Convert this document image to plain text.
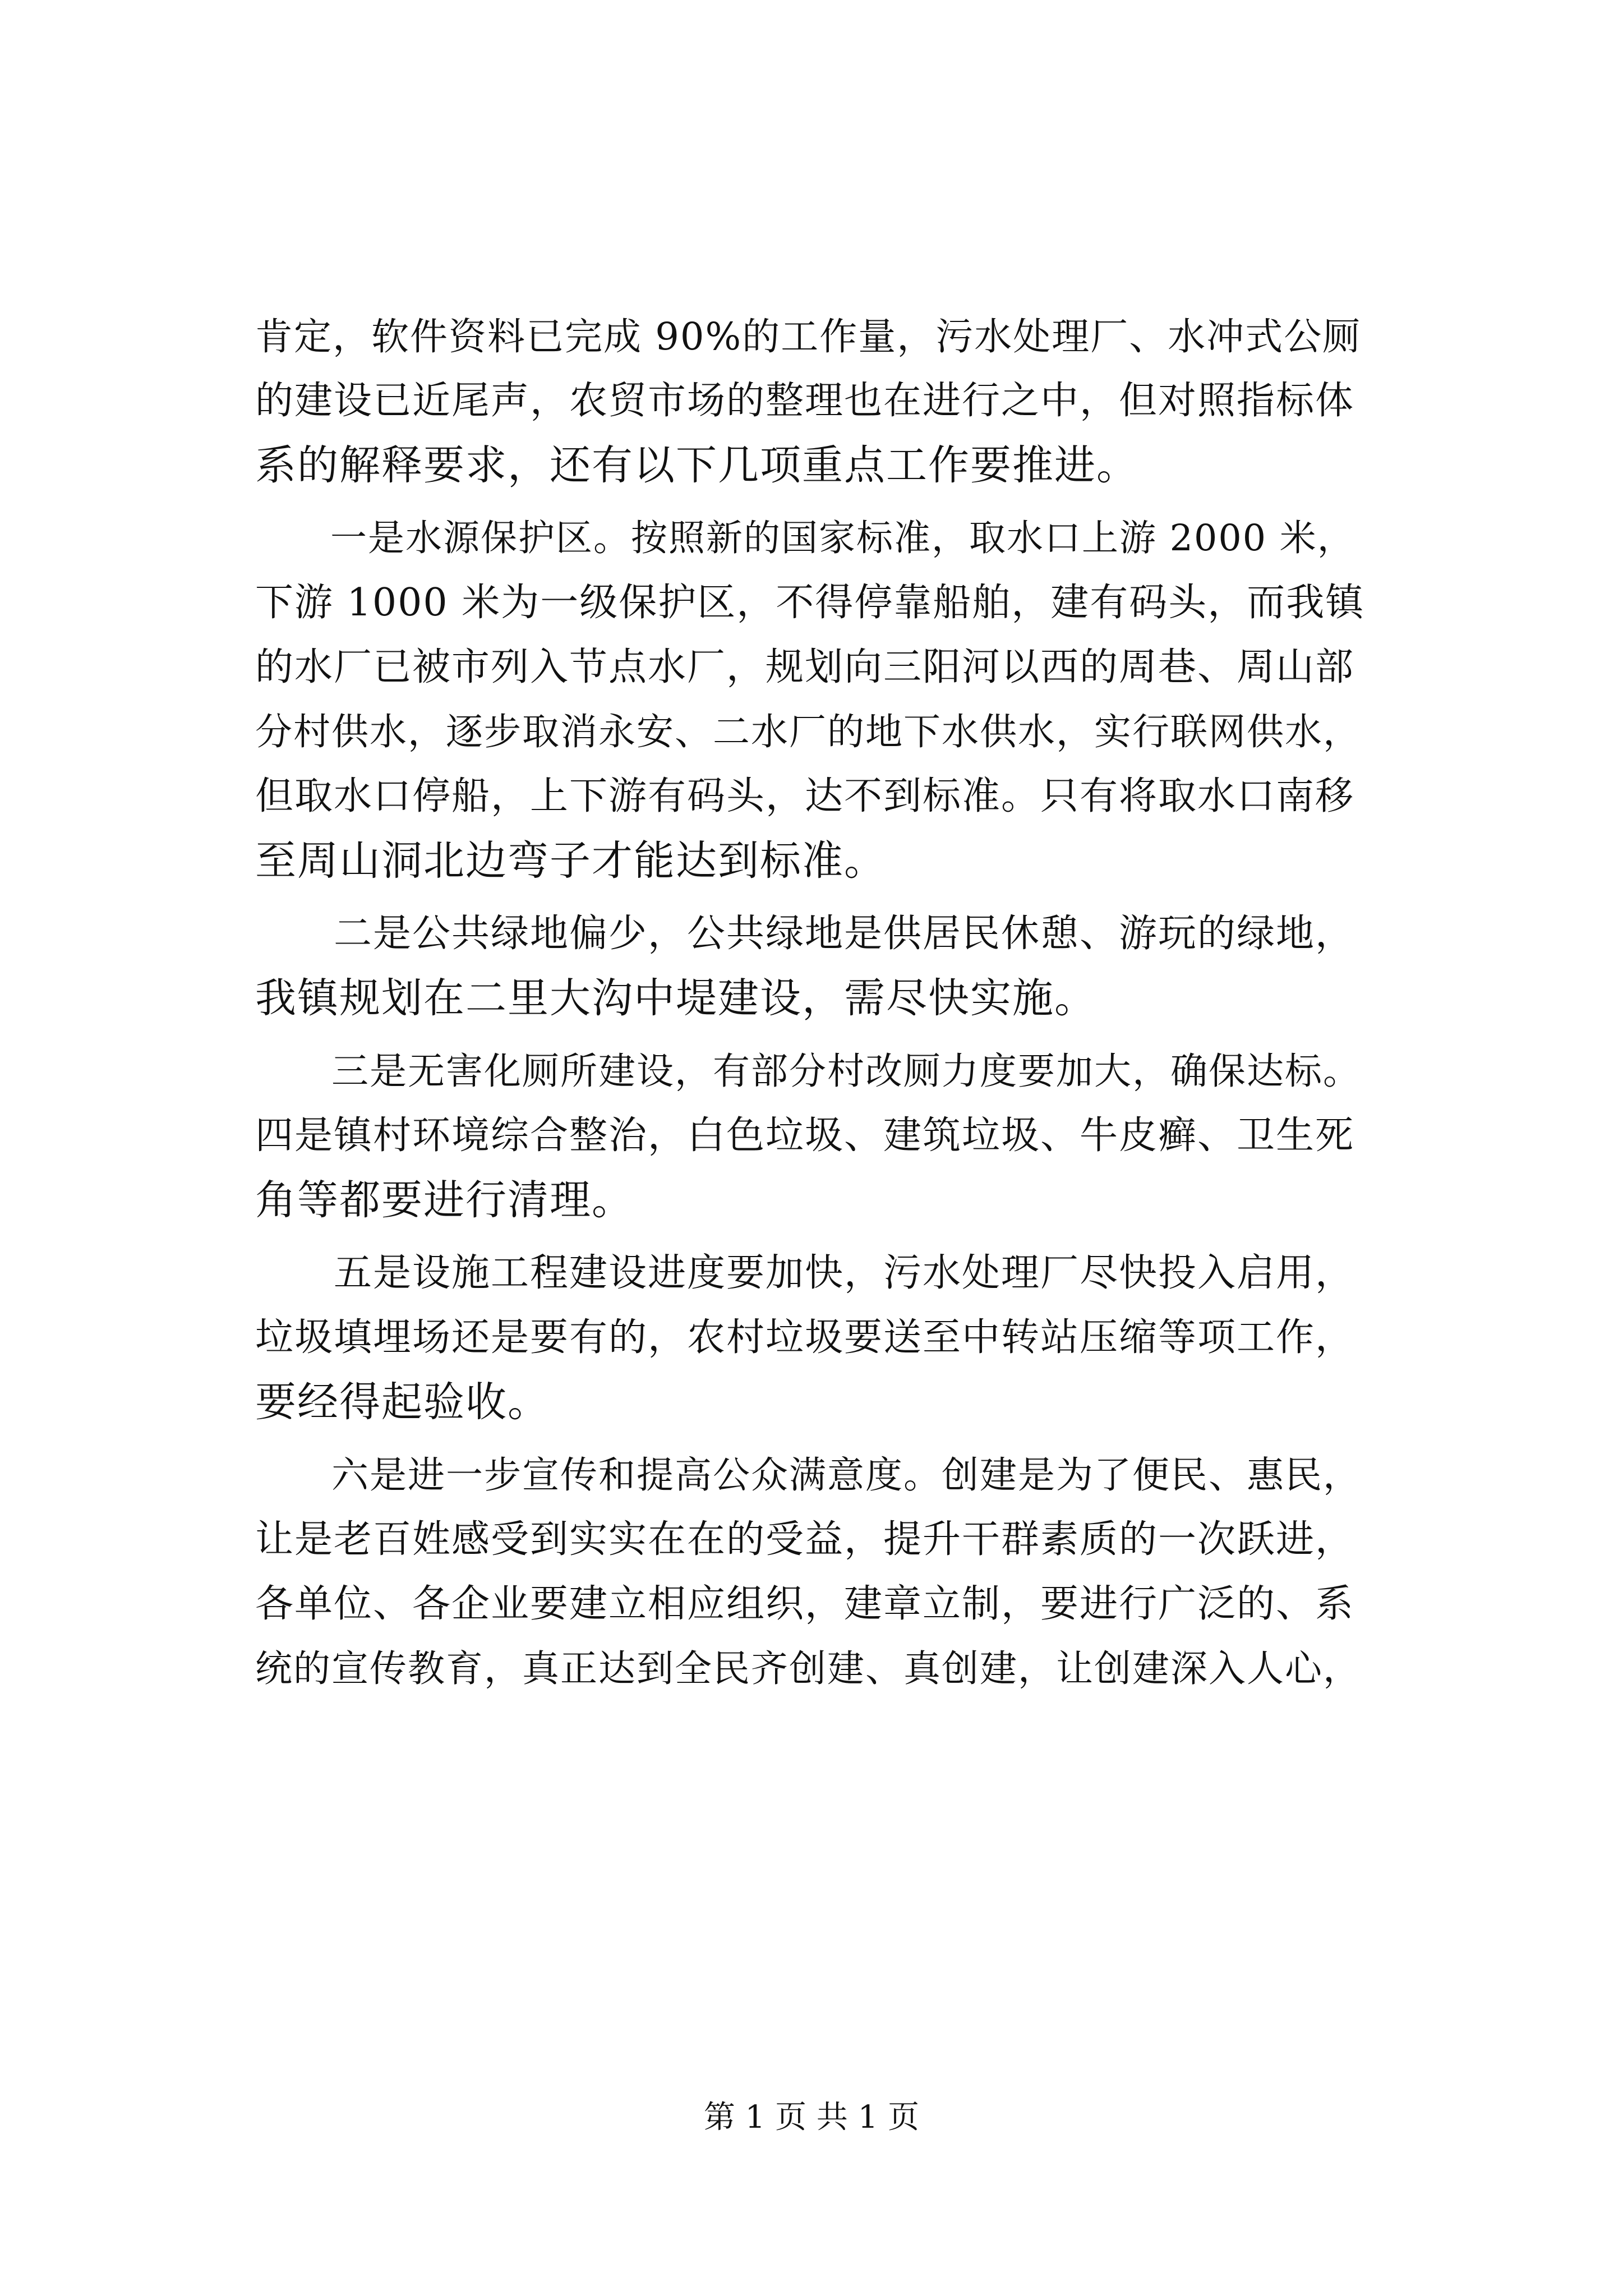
肯定，软件资料已完成 90%的工作量，污水处理厂、水冲式公厕
的建设已近尾声，农贸市场的整理也在进行之中，但对照指标体
系的解释要求，还有以下几项重点工作要推进。
　　一是水源保护区。按照新的国家标准，取水口上游 2000 米，
下游 1000 米为一级保护区，不得停靠船舶，建有码头，而我镇
的水厂已被市列入节点水厂，规划向三阳河以西的周巷、周山部
分村供水，逐步取消永安、二水厂的地下水供水，实行联网供水，
但取水口停船，上下游有码头，达不到标准。只有将取水口南移
至周山洞北边弯子才能达到标准。
　　二是公共绿地偏少，公共绿地是供居民休憩、游玩的绿地，
我镇规划在二里大沟中堤建设，需尽快实施。
　　三是无害化厕所建设，有部分村改厕力度要加大，确保达标。
四是镇村环境综合整治，白色垃圾、建筑垃圾、牛皮癣、卫生死
角等都要进行清理。
　　五是设施工程建设进度要加快，污水处理厂尽快投入启用，
垃圾填埋场还是要有的，农村垃圾要送至中转站压缩等项工作，
要经得起验收。
　　六是进一步宣传和提高公众满意度。创建是为了便民、惠民，
让是老百姓感受到实实在在的受益，提升干群素质的一次跃进，
各单位、各企业要建立相应组织，建章立制，要进行广泛的、系
统的宣传教育，真正达到全民齐创建、真创建，让创建深入人心，
第 1 页 共 1 页
